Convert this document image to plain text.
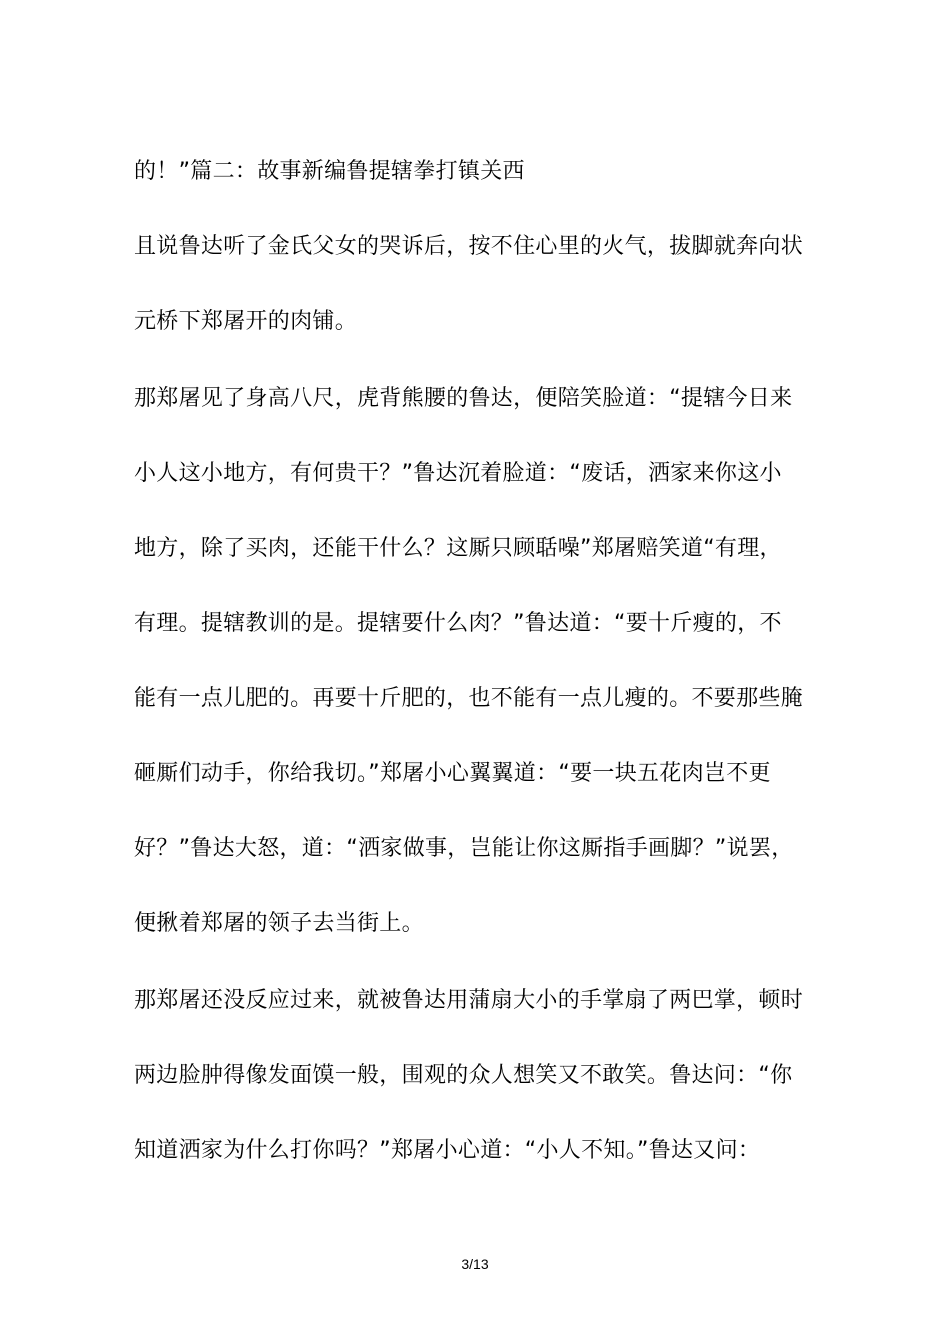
的！”篇二：故事新编鲁提辖拳打镇关西
且说鲁达听了金氏父女的哭诉后，按不住心里的火气，拔脚就奔向状
元桥下郑屠开的肉铺。
那郑屠见了身高八尺，虎背熊腰的鲁达，便陪笑脸道：“提辖今日来
小人这小地方，有何贵干？”鲁达沉着脸道：“废话，洒家来你这小
地方，除了买肉，还能干什么？这厮只顾聒噪”郑屠赔笑道“有理，
有理。提辖教训的是。提辖要什么肉？”鲁达道：“要十斤瘦的，不
能有一点儿肥的。再要十斤肥的，也不能有一点儿瘦的。不要那些腌
砸厮们动手，你给我切。”郑屠小心翼翼道：“要一块五花肉岂不更
好？”鲁达大怒，道：“洒家做事，岂能让你这厮指手画脚？”说罢，
便揪着郑屠的领子去当街上。
那郑屠还没反应过来，就被鲁达用蒲扇大小的手掌扇了两巴掌，顿时
两边脸肿得像发面馍一般，围观的众人想笑又不敢笑。鲁达问：“你
知道洒家为什么打你吗？”郑屠小心道：“小人不知。”鲁达又问：
3/13
